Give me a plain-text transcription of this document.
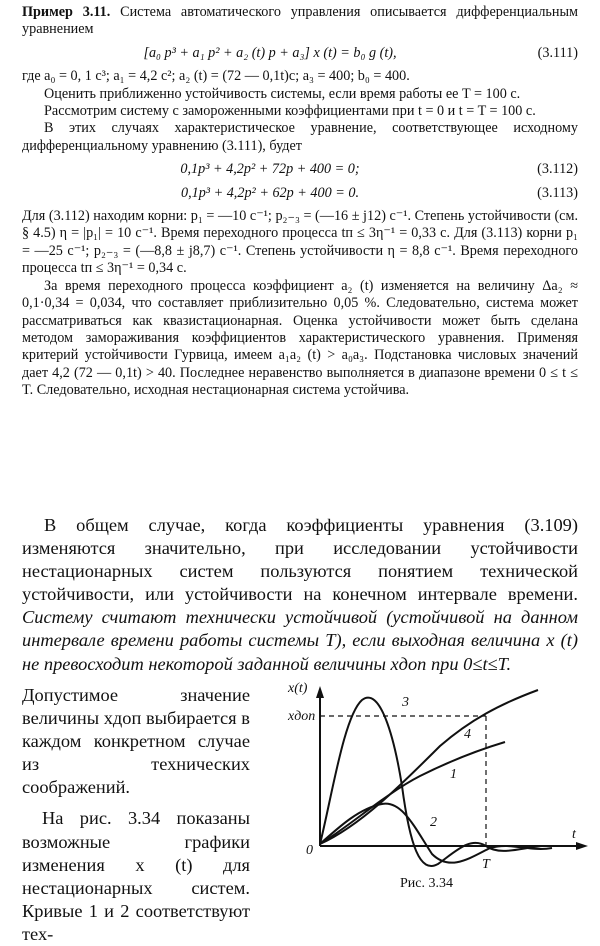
Пример 3.11. Система автоматического управления описывается дифференциальным уравнением

[a₀ p³ + a₁ p² + a₂ (t) p + a₃] x (t) = b₀ g (t),	(3.111)

где a₀ = 0, 1 с³; a₁ = 4,2 с²; a₂ (t) = (72 — 0,1t)с; a₃ = 400; b₀ = 400.

Оценить приближенно устойчивость системы, если время работы ее T = 100 с.

Рассмотрим систему с замороженными коэффициентами при t = 0 и t = T = 100 с.

В этих случаях характеристическое уравнение, соответствующее исходному дифференциальному уравнению (3.111), будет

0,1p³ + 4,2p² + 72p + 400 = 0;	(3.112)
0,1p³ + 4,2p² + 62p + 400 = 0.	(3.113)

Для (3.112) находим корни: p₁ = —10 с⁻¹; p₂₋₃ = (—16 ± j12) с⁻¹. Степень устойчивости (см. § 4.5) η = |p₁| = 10 с⁻¹. Время переходного процесса tп ≤ 3η⁻¹ = 0,33 с. Для (3.113) корни p₁ = —25 с⁻¹; p₂₋₃ = (—8,8 ± j8,7) с⁻¹. Степень устойчивости η = 8,8 с⁻¹. Время переходного процесса tп ≤ 3η⁻¹ = 0,34 с.

За время переходного процесса коэффициент a₂ (t) изменяется на величину Δa₂ ≈ 0,1·0,34 = 0,034, что составляет приблизительно 0,05 %. Следовательно, система может рассматриваться как квазистационарная. Оценка устойчивости может быть сделана методом замораживания коэффициентов характеристического уравнения. Применяя критерий устойчивости Гурвица, имеем a₁a₂ (t) > a₀a₃. Подстановка числовых значений дает 4,2 (72 — 0,1t) > 40. Последнее неравенство выполняется в диапазоне времени 0 ≤ t ≤ T. Следовательно, исходная нестационарная система устойчива.

В общем случае, когда коэффициенты уравнения (3.109) изменяются значительно, при исследовании устойчивости нестационарных систем пользуются понятием технической устойчивости, или устойчивости на конечном интервале времени. Систему считают технически устойчивой (устойчивой на данном интервале времени работы системы T), если выходная величина x (t) не превосходит некоторой заданной величины xдоп при 0≤t≤T.

Допустимое значение величины xдоп выбирается в каждом конкретном случае из технических соображений.

На рис. 3.34 показаны возможные графики изменения x (t) для нестационарных систем. Кривые 1 и 2 соответствуют тех-

x(t)
xдоп
0
t
T
1
2
3
4
Рис. 3.34
